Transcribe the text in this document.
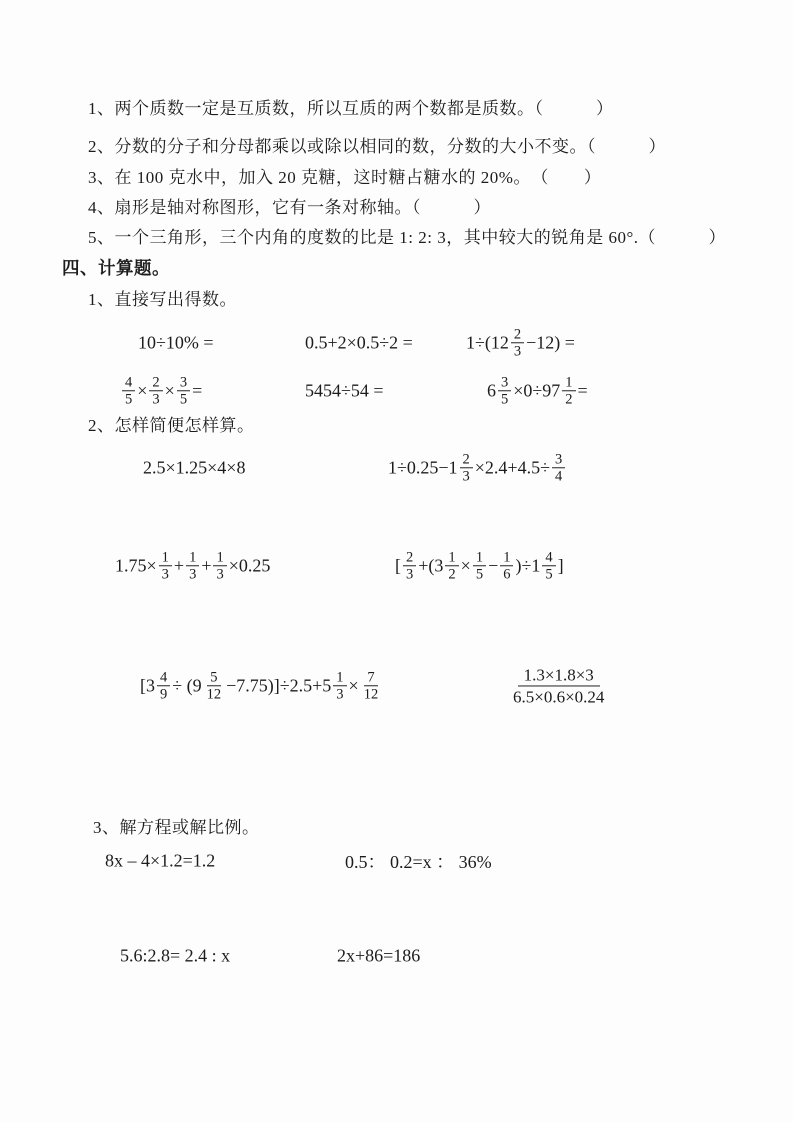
1、两个质数一定是互质数，所以互质的两个数都是质数。（　　　）
2、分数的分子和分母都乘以或除以相同的数，分数的大小不变。（　　　）
3、在 100 克水中，加入 20 克糖，这时糖占糖水的 20%。　（　　）
4、扇形是轴对称图形，它有一条对称轴。（　　　）
5、一个三角形，三个内角的度数的比是 1: 2: 3，其中较大的锐角是 60°.（　　　）
四、计算题。
1、直接写出得数。
10÷10% =	0.5+2×0.5÷2 =	$1\div(12 \frac{2}{3} -12)$ =
$\frac{4}{5} \times \frac{2}{3} \times \frac{3}{5}$ =	5454÷54 =	$6 \frac{3}{5} \times 0\div 97 \frac{1}{2}$ =
2、怎样简便怎样算。
2.5×1.25×4×8	$1\div 0.25-1 \frac{2}{3} \times 2.4+4.5\div \frac{3}{4}$
$1.75\times \frac{1}{3} + \frac{1}{3} + \frac{1}{3} \times 0.25$	[ $\frac{2}{3} +(3 \frac{1}{2} \times \frac{1}{5} - \frac{1}{6} )\div 1 \frac{4}{5}$ ]
$[3 \frac{4}{9} \div (9 \frac{5}{12} -7.75)]\div 2.5+5 \frac{1}{3} \times \frac{7}{12}$	$\frac{1.3\times 1.8\times 3}{6.5\times 0.6\times 0.24}$
3、解方程或解比例。
8x – 4×1.2=1.2	0.5： 0.2=x ： 36%
5.6:2.8= 2.4 : x	2x+86=186
